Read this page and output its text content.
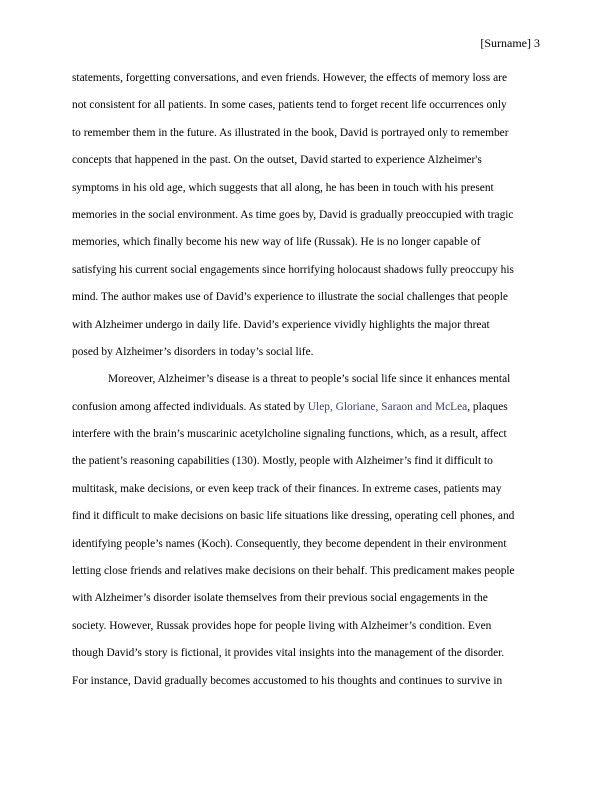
[Surname] 3
statements, forgetting conversations, and even friends. However, the effects of memory loss are
not consistent for all patients. In some cases, patients tend to forget recent life occurrences only
to remember them in the future. As illustrated in the book, David is portrayed only to remember
concepts that happened in the past. On the outset, David started to experience Alzheimer's
symptoms in his old age, which suggests that all along, he has been in touch with his present
memories in the social environment. As time goes by, David is gradually preoccupied with tragic
memories, which finally become his new way of life (Russak). He is no longer capable of
satisfying his current social engagements since horrifying holocaust shadows fully preoccupy his
mind. The author makes use of David’s experience to illustrate the social challenges that people
with Alzheimer undergo in daily life. David’s experience vividly highlights the major threat
posed by Alzheimer’s disorders in today’s social life.
Moreover, Alzheimer’s disease is a threat to people’s social life since it enhances mental
confusion among affected individuals. As stated by Ulep, Gloriane, Saraon and McLea, plaques
interfere with the brain’s muscarinic acetylcholine signaling functions, which, as a result, affect
the patient’s reasoning capabilities (130). Mostly, people with Alzheimer’s find it difficult to
multitask, make decisions, or even keep track of their finances. In extreme cases, patients may
find it difficult to make decisions on basic life situations like dressing, operating cell phones, and
identifying people’s names (Koch). Consequently, they become dependent in their environment
letting close friends and relatives make decisions on their behalf. This predicament makes people
with Alzheimer’s disorder isolate themselves from their previous social engagements in the
society. However, Russak provides hope for people living with Alzheimer’s condition. Even
though David’s story is fictional, it provides vital insights into the management of the disorder.
For instance, David gradually becomes accustomed to his thoughts and continues to survive in
